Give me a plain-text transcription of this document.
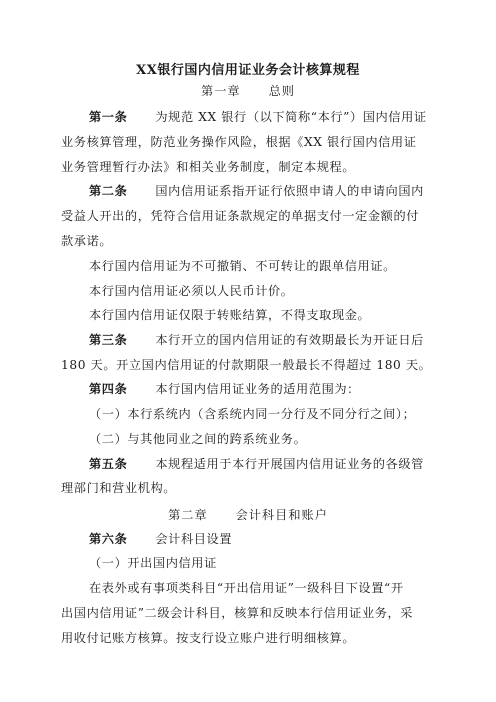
XX银行国内信用证业务会计核算规程
第一章 总则
第一条 为规范 XX 银行（以下简称“本行”）国内信用证
业务核算管理，防范业务操作风险，根据《XX 银行国内信用证
业务管理暂行办法》和相关业务制度，制定本规程。
第二条 国内信用证系指开证行依照申请人的申请向国内
受益人开出的，凭符合信用证条款规定的单据支付一定金额的付
款承诺。
本行国内信用证为不可撤销、不可转让的跟单信用证。
本行国内信用证必须以人民币计价。
本行国内信用证仅限于转账结算，不得支取现金。
第三条 本行开立的国内信用证的有效期最长为开证日后
180 天。开立国内信用证的付款期限一般最长不得超过 180 天。
第四条 本行国内信用证业务的适用范围为：
（一）本行系统内（含系统内同一分行及不同分行之间）；
（二）与其他同业之间的跨系统业务。
第五条 本规程适用于本行开展国内信用证业务的各级管
理部门和营业机构。
第二章 会计科目和账户
第六条 会计科目设置
（一）开出国内信用证
在表外或有事项类科目“开出信用证”一级科目下设置“开
出国内信用证”二级会计科目，核算和反映本行信用证业务，采
用收付记账方核算。按支行设立账户进行明细核算。
